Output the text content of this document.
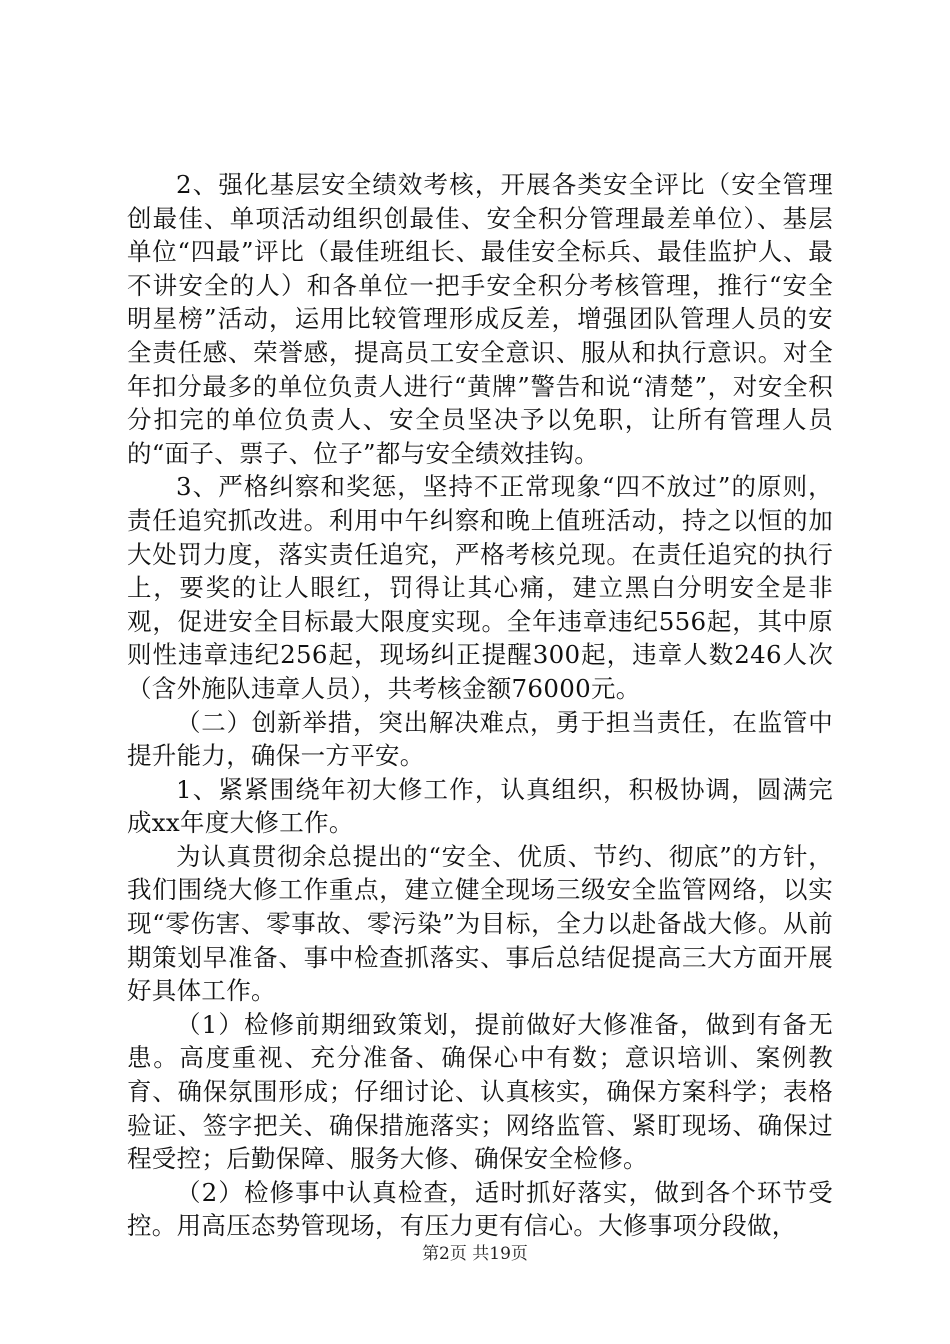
2、强化基层安全绩效考核，开展各类安全评比（安全管理创最佳、单项活动组织创最佳、安全积分管理最差单位）、基层单位“四最”评比（最佳班组长、最佳安全标兵、最佳监护人、最不讲安全的人）和各单位一把手安全积分考核管理，推行“安全明星榜”活动，运用比较管理形成反差，增强团队管理人员的安全责任感、荣誉感，提高员工安全意识、服从和执行意识。对全年扣分最多的单位负责人进行“黄牌”警告和说“清楚”，对安全积分扣完的单位负责人、安全员坚决予以免职，让所有管理人员的“面子、票子、位子”都与安全绩效挂钩。

3、严格纠察和奖惩，坚持不正常现象“四不放过”的原则，责任追究抓改进。利用中午纠察和晚上值班活动，持之以恒的加大处罚力度，落实责任追究，严格考核兑现。在责任追究的执行上，要奖的让人眼红，罚得让其心痛，建立黑白分明安全是非观，促进安全目标最大限度实现。全年违章违纪556起，其中原则性违章违纪256起，现场纠正提醒300起，违章人数246人次（含外施队违章人员），共考核金额76000元。

（二）创新举措，突出解决难点，勇于担当责任，在监管中提升能力，确保一方平安。

1、紧紧围绕年初大修工作，认真组织，积极协调，圆满完成xx年度大修工作。

为认真贯彻余总提出的“安全、优质、节约、彻底”的方针，我们围绕大修工作重点，建立健全现场三级安全监管网络，以实现“零伤害、零事故、零污染”为目标，全力以赴备战大修。从前期策划早准备、事中检查抓落实、事后总结促提高三大方面开展好具体工作。

（1）检修前期细致策划，提前做好大修准备，做到有备无患。高度重视、充分准备、确保心中有数；意识培训、案例教育、确保氛围形成；仔细讨论、认真核实，确保方案科学；表格验证、签字把关、确保措施落实；网络监管、紧盯现场、确保过程受控；后勤保障、服务大修、确保安全检修。

（2）检修事中认真检查，适时抓好落实，做到各个环节受控。用高压态势管现场，有压力更有信心。大修事项分段做，

第2页 共19页
